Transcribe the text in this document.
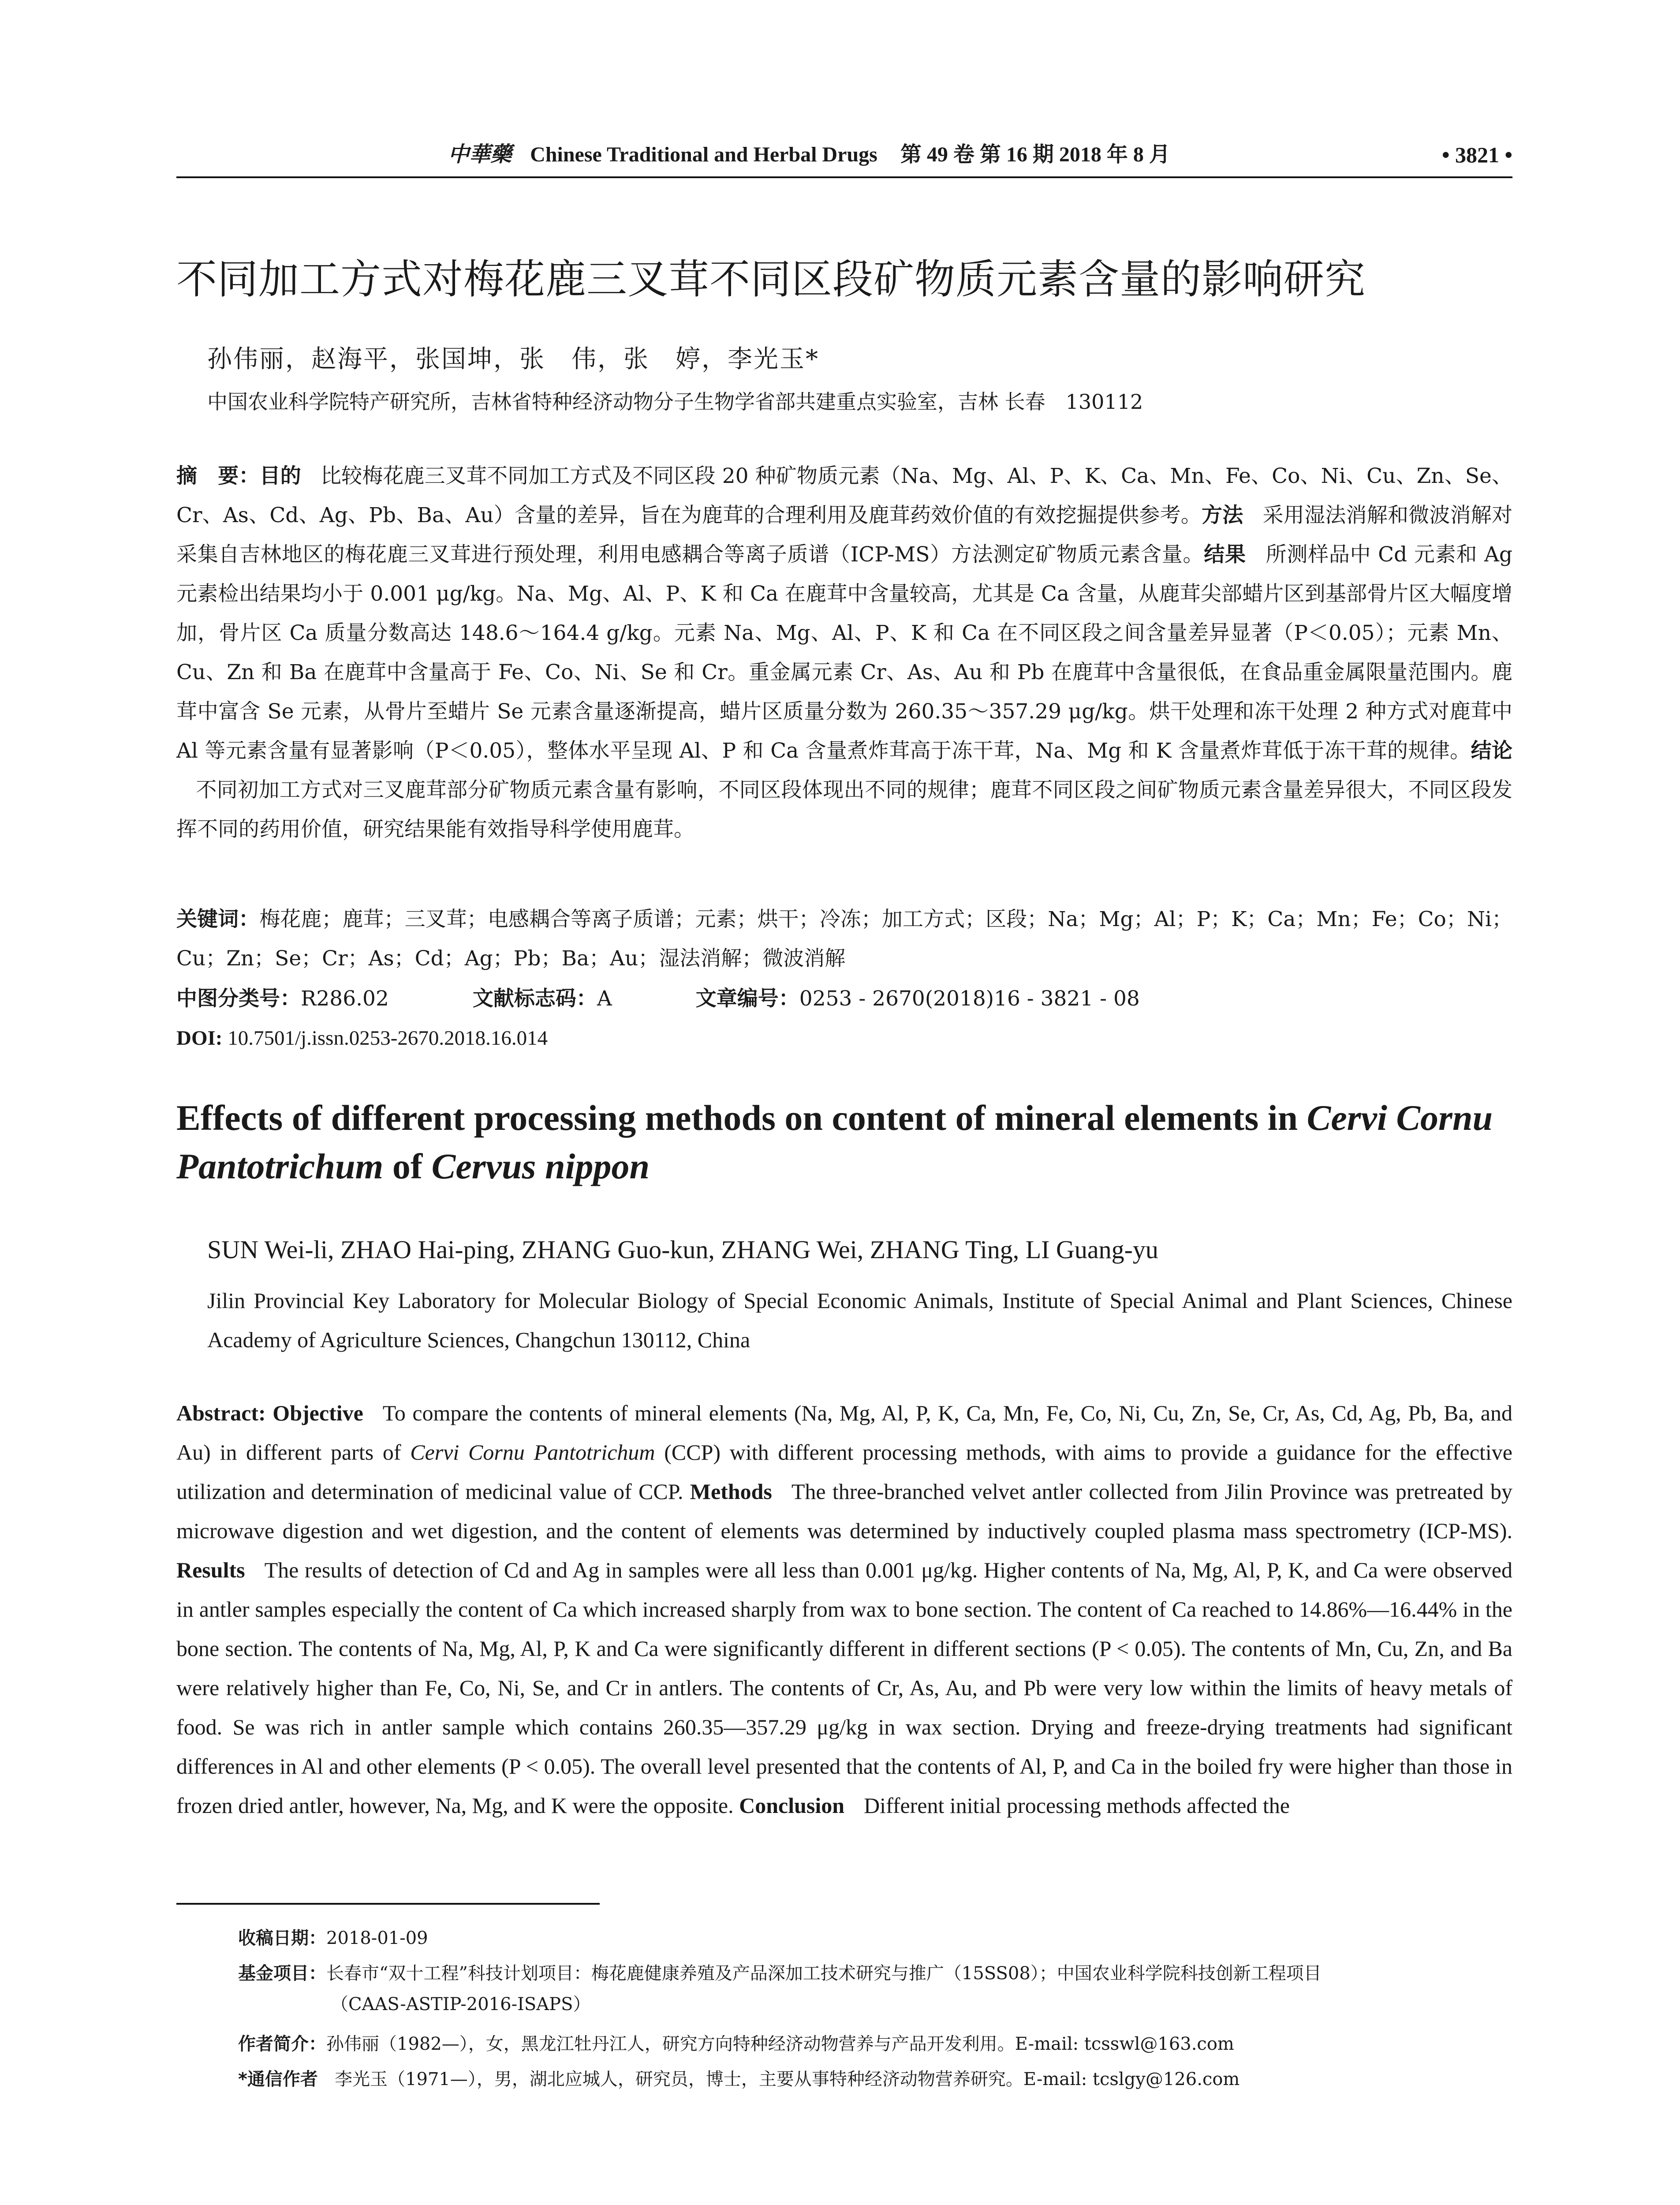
中華藥 Chinese Traditional and Herbal Drugs 第 49 卷 第 16 期 2018 年 8 月	• 3821 •
不同加工方式对梅花鹿三叉茸不同区段矿物质元素含量的影响研究
孙伟丽，赵海平，张国坤，张　伟，张　婷，李光玉*
中国农业科学院特产研究所，吉林省特种经济动物分子生物学省部共建重点实验室，吉林 长春　130112
摘　要：目的 比较梅花鹿三叉茸不同加工方式及不同区段 20 种矿物质元素（Na、Mg、Al、P、K、Ca、Mn、Fe、Co、Ni、Cu、Zn、Se、Cr、As、Cd、Ag、Pb、Ba、Au）含量的差异，旨在为鹿茸的合理利用及鹿茸药效价值的有效挖掘提供参考。方法 采用湿法消解和微波消解对采集自吉林地区的梅花鹿三叉茸进行预处理，利用电感耦合等离子质谱（ICP-MS）方法测定矿物质元素含量。结果 所测样品中 Cd 元素和 Ag 元素检出结果均小于 0.001 μg/kg。Na、Mg、Al、P、K 和 Ca 在鹿茸中含量较高，尤其是 Ca 含量，从鹿茸尖部蜡片区到基部骨片区大幅度增加，骨片区 Ca 质量分数高达 148.6～164.4 g/kg。元素 Na、Mg、Al、P、K 和 Ca 在不同区段之间含量差异显著（P＜0.05）；元素 Mn、Cu、Zn 和 Ba 在鹿茸中含量高于 Fe、Co、Ni、Se 和 Cr。重金属元素 Cr、As、Au 和 Pb 在鹿茸中含量很低，在食品重金属限量范围内。鹿茸中富含 Se 元素，从骨片至蜡片 Se 元素含量逐渐提高，蜡片区质量分数为 260.35～357.29 μg/kg。烘干处理和冻干处理 2 种方式对鹿茸中 Al 等元素含量有显著影响（P＜0.05），整体水平呈现 Al、P 和 Ca 含量煮炸茸高于冻干茸，Na、Mg 和 K 含量煮炸茸低于冻干茸的规律。结论不同初加工方式对三叉鹿茸部分矿物质元素含量有影响，不同区段体现出不同的规律；鹿茸不同区段之间矿物质元素含量差异很大，不同区段发挥不同的药用价值，研究结果能有效指导科学使用鹿茸。
关键词：梅花鹿；鹿茸；三叉茸；电感耦合等离子质谱；元素；烘干；冷冻；加工方式；区段；Na；Mg；Al；P；K；Ca；Mn；Fe；Co；Ni；Cu；Zn；Se；Cr；As；Cd；Ag；Pb；Ba；Au；湿法消解；微波消解
中图分类号：R286.02	文献标志码：A	文章编号：0253 - 2670(2018)16 - 3821 - 08
DOI: 10.7501/j.issn.0253-2670.2018.16.014
Effects of different processing methods on content of mineral elements in Cervi Cornu Pantotrichum of Cervus nippon
SUN Wei-li, ZHAO Hai-ping, ZHANG Guo-kun, ZHANG Wei, ZHANG Ting, LI Guang-yu
Jilin Provincial Key Laboratory for Molecular Biology of Special Economic Animals, Institute of Special Animal and Plant Sciences, Chinese Academy of Agriculture Sciences, Changchun 130112, China
Abstract: Objective To compare the contents of mineral elements (Na, Mg, Al, P, K, Ca, Mn, Fe, Co, Ni, Cu, Zn, Se, Cr, As, Cd, Ag, Pb, Ba, and Au) in different parts of Cervi Cornu Pantotrichum (CCP) with different processing methods, with aims to provide a guidance for the effective utilization and determination of medicinal value of CCP. Methods The three-branched velvet antler collected from Jilin Province was pretreated by microwave digestion and wet digestion, and the content of elements was determined by inductively coupled plasma mass spectrometry (ICP-MS). Results The results of detection of Cd and Ag in samples were all less than 0.001 μg/kg. Higher contents of Na, Mg, Al, P, K, and Ca were observed in antler samples especially the content of Ca which increased sharply from wax to bone section. The content of Ca reached to 14.86%—16.44% in the bone section. The contents of Na, Mg, Al, P, K and Ca were significantly different in different sections (P < 0.05). The contents of Mn, Cu, Zn, and Ba were relatively higher than Fe, Co, Ni, Se, and Cr in antlers. The contents of Cr, As, Au, and Pb were very low within the limits of heavy metals of food. Se was rich in antler sample which contains 260.35—357.29 μg/kg in wax section. Drying and freeze-drying treatments had significant differences in Al and other elements (P < 0.05). The overall level presented that the contents of Al, P, and Ca in the boiled fry were higher than those in frozen dried antler, however, Na, Mg, and K were the opposite. Conclusion Different initial processing methods affected the
收稿日期：2018-01-09
基金项目：长春市“双十工程”科技计划项目：梅花鹿健康养殖及产品深加工技术研究与推广（15SS08）；中国农业科学院科技创新工程项目
（CAAS-ASTIP-2016-ISAPS）
作者简介：孙伟丽（1982—），女，黑龙江牡丹江人，研究方向特种经济动物营养与产品开发利用。E-mail: tcsswl@163.com
*通信作者 李光玉（1971—），男，湖北应城人，研究员，博士，主要从事特种经济动物营养研究。E-mail: tcslgy@126.com
